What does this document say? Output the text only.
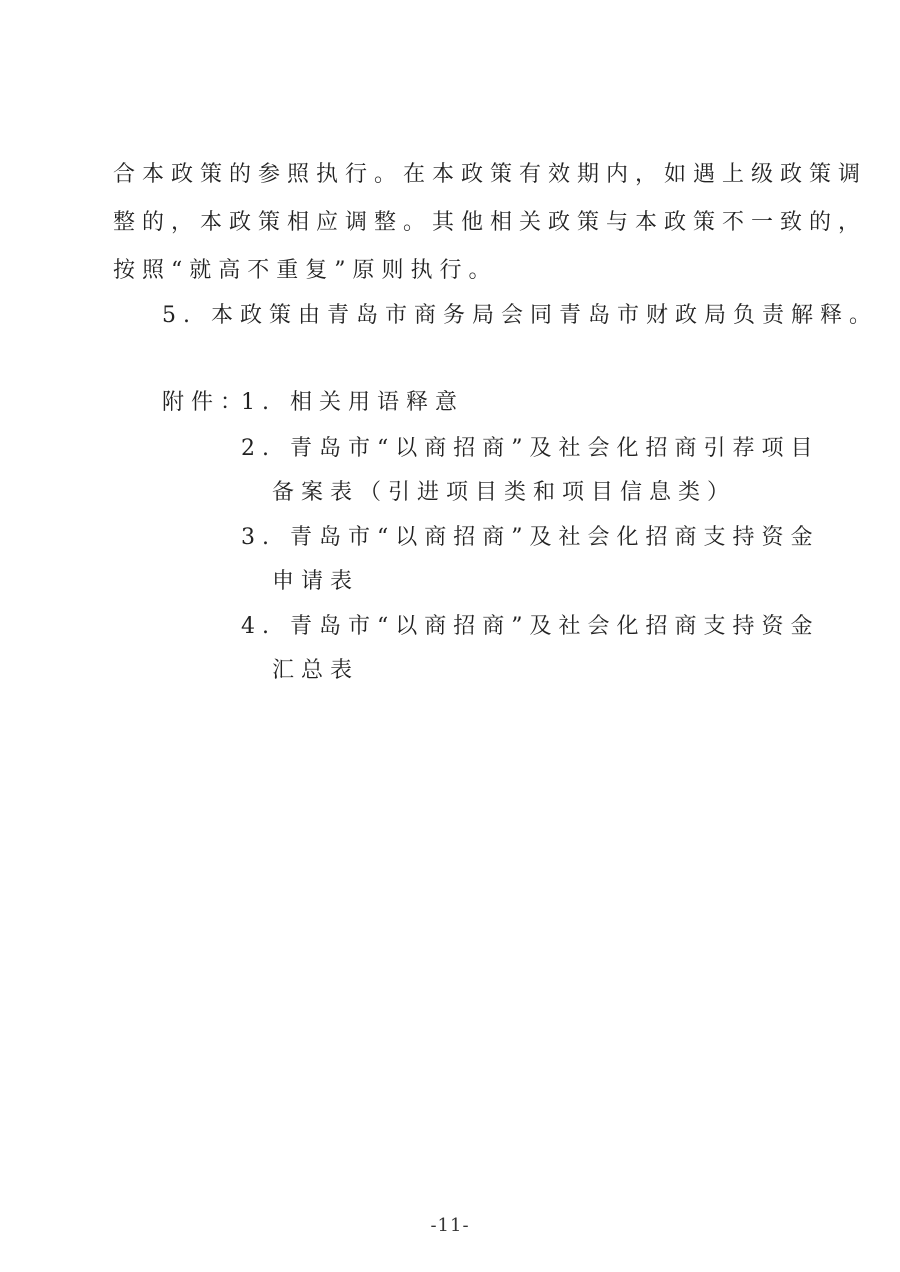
合本政策的参照执行。在本政策有效期内，如遇上级政策调
整的，本政策相应调整。其他相关政策与本政策不一致的，
按照“就高不重复”原则执行。
5. 本政策由青岛市商务局会同青岛市财政局负责解释。
附件：
1. 相关用语释意
2. 青岛市“以商招商”及社会化招商引荐项目
备案表（引进项目类和项目信息类）
3. 青岛市“以商招商”及社会化招商支持资金
申请表
4. 青岛市“以商招商”及社会化招商支持资金
汇总表
-11-
